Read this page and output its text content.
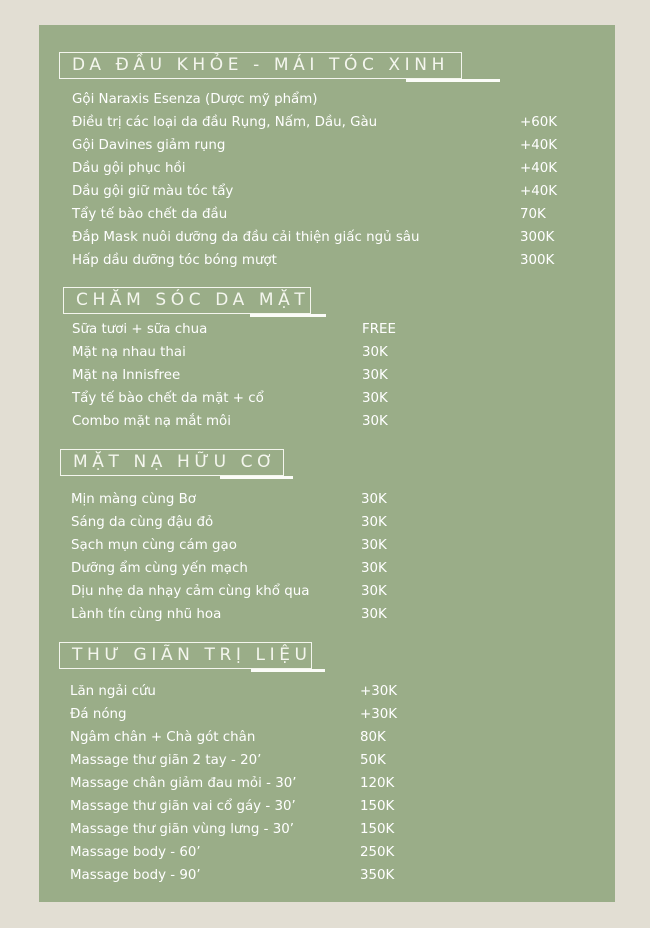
DA ĐẦU KHỎE - MÁI TÓC XINH
Gội Naraxis Esenza (Dược mỹ phẩm)
Điều trị các loại da đầu Rụng, Nấm, Dầu, Gàu	+60K
Gội Davines giảm rụng	+40K
Dầu gội phục hồi	+40K
Dầu gội giữ màu tóc tẩy	+40K
Tẩy tế bào chết da đầu	70K
Đắp Mask nuôi dưỡng da đầu cải thiện giấc ngủ sâu	300K
Hấp dầu dưỡng tóc bóng mượt	300K
CHĂM SÓC DA MẶT
Sữa tươi + sữa chua	FREE
Mặt nạ nhau thai	30K
Mặt nạ Innisfree	30K
Tẩy tế bào chết da mặt + cổ	30K
Combo mặt nạ mắt môi	30K
MẶT NẠ HỮU CƠ
Mịn màng cùng Bơ	30K
Sáng da cùng đậu đỏ	30K
Sạch mụn cùng cám gạo	30K
Dưỡng ẩm cùng yến mạch	30K
Dịu nhẹ da nhạy cảm cùng khổ qua	30K
Lành tín cùng nhũ hoa	30K
THƯ GIÃN TRỊ LIỆU
Lăn ngải cứu	+30K
Đá nóng	+30K
Ngâm chân + Chà gót chân	80K
Massage thư giãn 2 tay - 20’	50K
Massage chân giảm đau mỏi - 30’	120K
Massage thư giãn vai cổ gáy - 30’	150K
Massage thư giãn vùng lưng - 30’	150K
Massage body - 60’	250K
Massage body - 90’	350K
